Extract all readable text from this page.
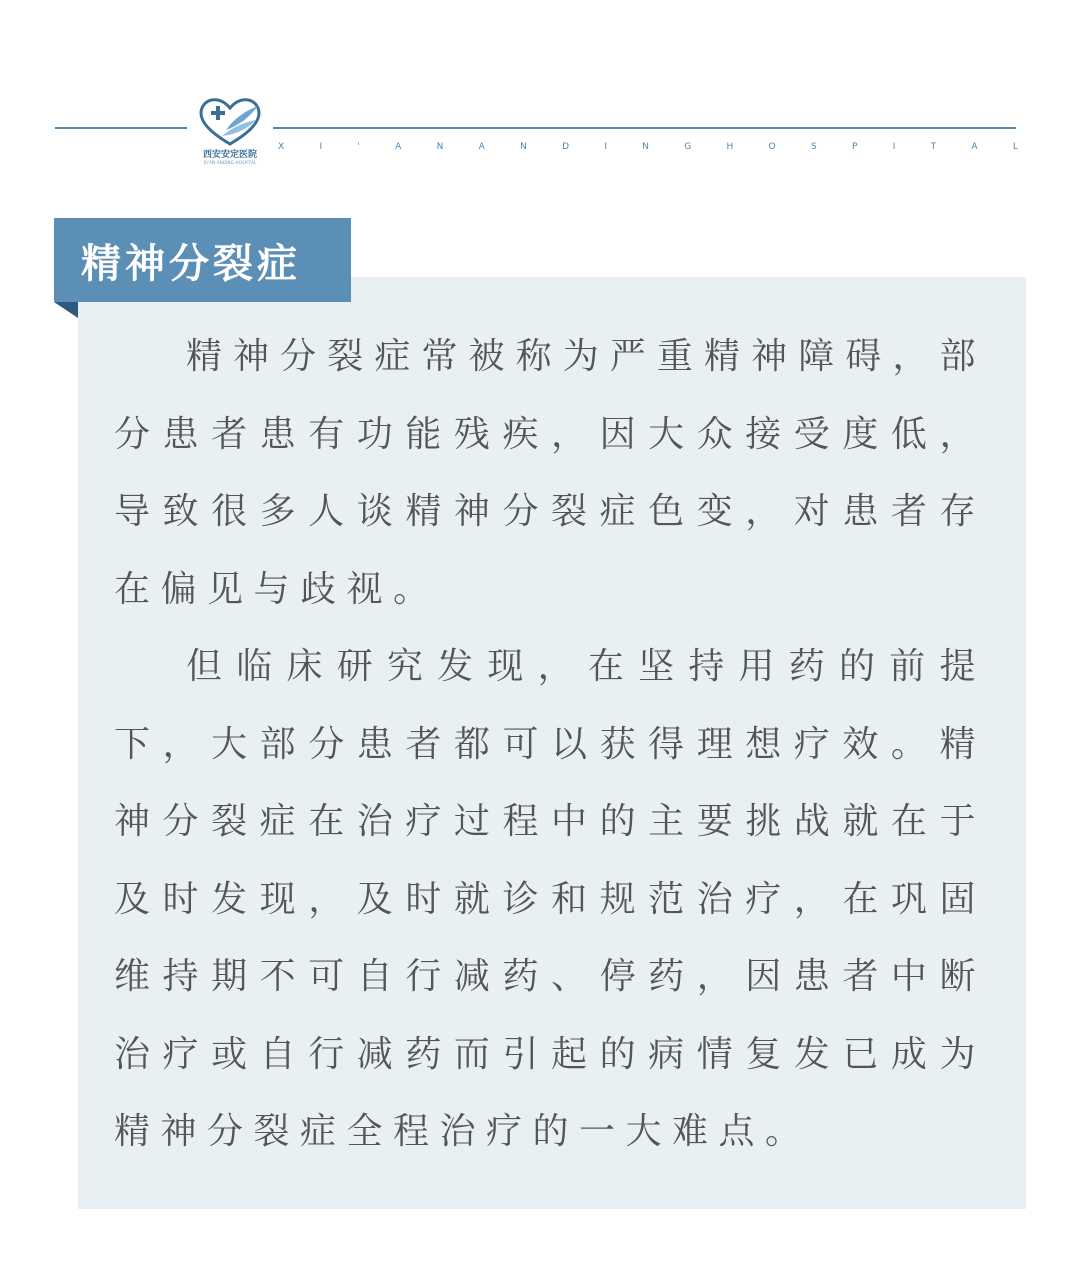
西安安定医院
XI'AN ANDING HOSPITAL
X	I	'	A	N	A	N	D	I	N	G	H	O	S	P	I	T	A	L
精神分裂症

精神分裂症常被称为严重精神障碍，部分患者患有功能残疾，因大众接受度低，导致很多人谈精神分裂症色变，对患者存在偏见与歧视。

但临床研究发现，在坚持用药的前提下，大部分患者都可以获得理想疗效。精神分裂症在治疗过程中的主要挑战就在于及时发现，及时就诊和规范治疗，在巩固维持期不可自行减药、停药，因患者中断治疗或自行减药而引起的病情复发已成为精神分裂症全程治疗的一大难点。
